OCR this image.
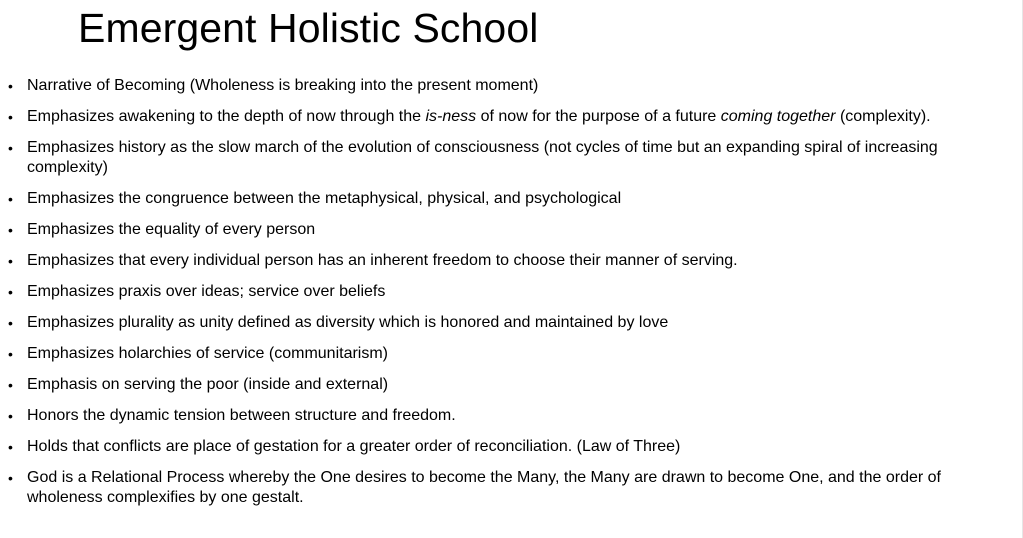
Emergent Holistic School
• Narrative of Becoming (Wholeness is breaking into the present moment)
• Emphasizes awakening to the depth of now through the is-ness of now for the purpose of a future coming together (complexity).
• Emphasizes history as the slow march of the evolution of consciousness (not cycles of time but an expanding spiral of increasing complexity)
• Emphasizes the congruence between the metaphysical, physical, and psychological
• Emphasizes the equality of every person
• Emphasizes that every individual person has an inherent freedom to choose their manner of serving.
• Emphasizes praxis over ideas; service over beliefs
• Emphasizes plurality as unity defined as diversity which is honored and maintained by love
• Emphasizes holarchies of service (communitarism)
• Emphasis on serving the poor (inside and external)
• Honors the dynamic tension between structure and freedom.
• Holds that conflicts are place of gestation for a greater order of reconciliation. (Law of Three)
• God is a Relational Process whereby the One desires to become the Many, the Many are drawn to become One, and the order of wholeness complexifies by one gestalt.
